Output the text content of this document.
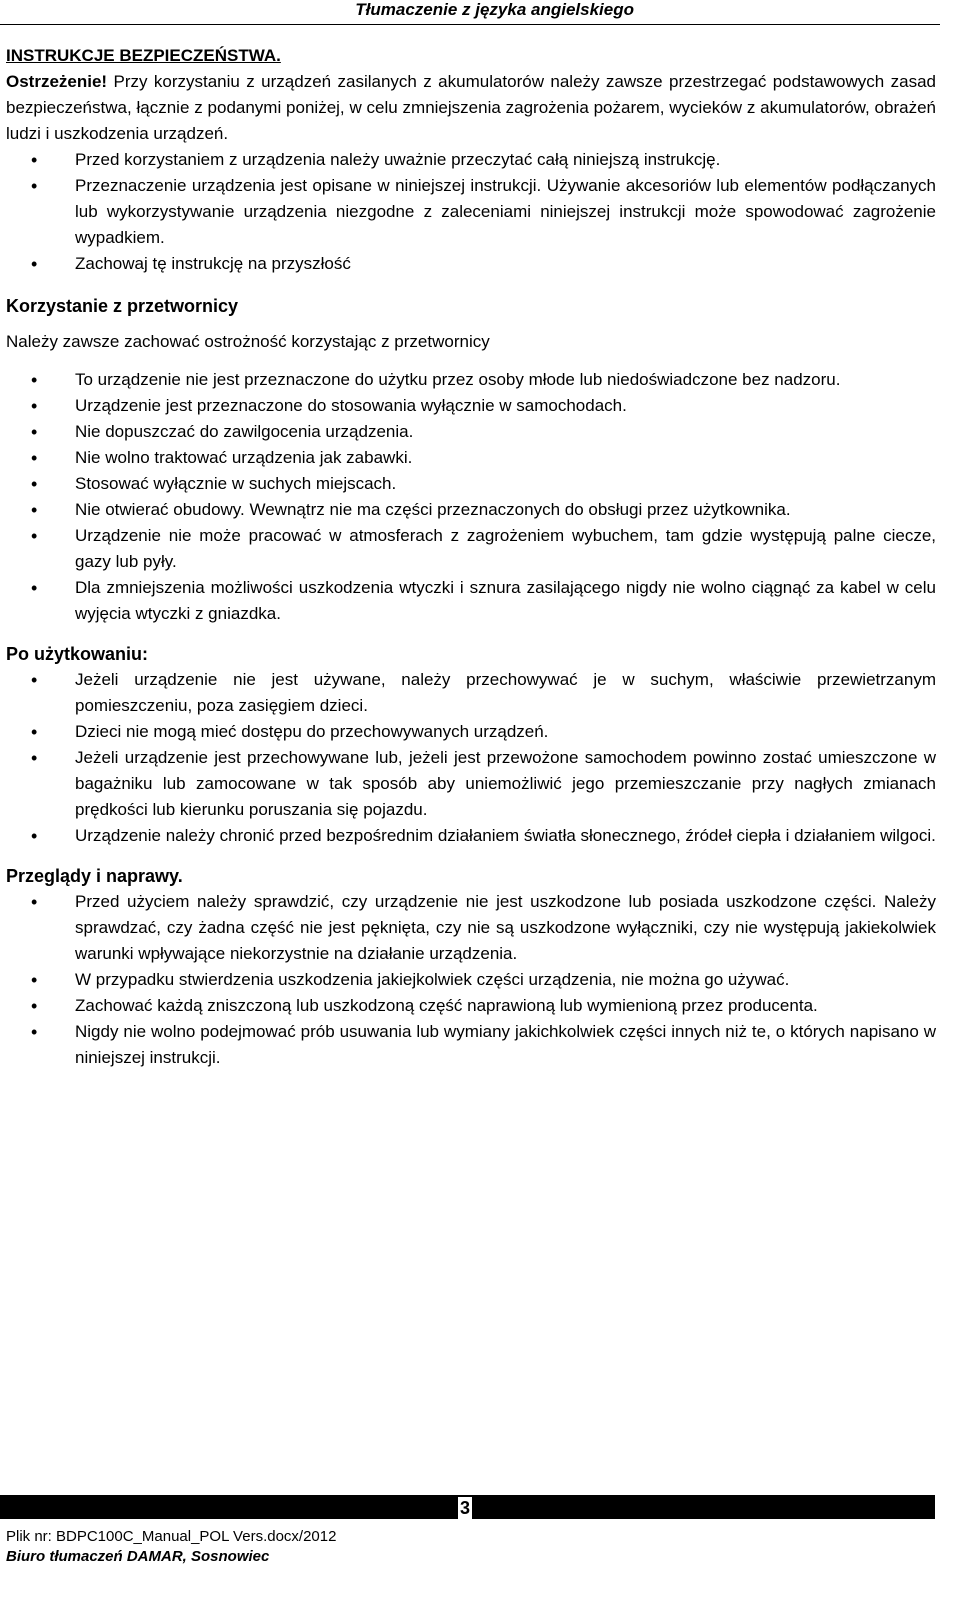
Tłumaczenie z języka angielskiego

INSTRUKCJE BEZPIECZEŃSTWA.

Ostrzeżenie! Przy korzystaniu z urządzeń zasilanych z akumulatorów należy zawsze przestrzegać podstawowych zasad bezpieczeństwa, łącznie z podanymi poniżej, w celu zmniejszenia zagrożenia pożarem, wycieków z akumulatorów, obrażeń ludzi i uszkodzenia urządzeń.

• Przed korzystaniem z urządzenia należy uważnie przeczytać całą niniejszą instrukcję.
• Przeznaczenie urządzenia jest opisane w niniejszej instrukcji. Używanie akcesoriów lub elementów podłączanych lub wykorzystywanie urządzenia niezgodne z zaleceniami niniejszej instrukcji może spowodować zagrożenie wypadkiem.
• Zachowaj tę instrukcję na przyszłość

Korzystanie z przetwornicy

Należy zawsze zachować ostrożność korzystając z przetwornicy

• To urządzenie nie jest przeznaczone do użytku przez osoby młode lub niedoświadczone bez nadzoru.
• Urządzenie jest przeznaczone do stosowania wyłącznie w samochodach.
• Nie dopuszczać do zawilgocenia urządzenia.
• Nie wolno traktować urządzenia jak zabawki.
• Stosować wyłącznie w suchych miejscach.
• Nie otwierać obudowy. Wewnątrz nie ma części przeznaczonych do obsługi przez użytkownika.
• Urządzenie nie może pracować w atmosferach z zagrożeniem wybuchem, tam gdzie występują palne ciecze, gazy lub pyły.
• Dla zmniejszenia możliwości uszkodzenia wtyczki i sznura zasilającego nigdy nie wolno ciągnąć za kabel w celu wyjęcia wtyczki z gniazdka.

Po użytkowaniu:

• Jeżeli urządzenie nie jest używane, należy przechowywać je w suchym, właściwie przewietrzanym pomieszczeniu, poza zasięgiem dzieci.
• Dzieci nie mogą mieć dostępu do przechowywanych urządzeń.
• Jeżeli urządzenie jest przechowywane lub, jeżeli jest przewożone samochodem powinno zostać umieszczone w bagażniku lub zamocowane w tak sposób aby uniemożliwić jego przemieszczanie przy nagłych zmianach prędkości lub kierunku poruszania się pojazdu.
• Urządzenie należy chronić przed bezpośrednim działaniem światła słonecznego, źródeł ciepła i działaniem wilgoci.

Przeglądy i naprawy.

• Przed użyciem należy sprawdzić, czy urządzenie nie jest uszkodzone lub posiada uszkodzone części. Należy sprawdzać, czy żadna część nie jest pęknięta, czy nie są uszkodzone wyłączniki, czy nie występują jakiekolwiek warunki wpływające niekorzystnie na działanie urządzenia.
• W przypadku stwierdzenia uszkodzenia jakiejkolwiek części urządzenia, nie można go używać.
• Zachować każdą zniszczoną lub uszkodzoną część naprawioną lub wymienioną przez producenta.
• Nigdy nie wolno podejmować prób usuwania lub wymiany jakichkolwiek części innych niż te, o których napisano w niniejszej instrukcji.
3
Plik nr: BDPC100C_Manual_POL Vers.docx/2012
Biuro tłumaczeń DAMAR, Sosnowiec
